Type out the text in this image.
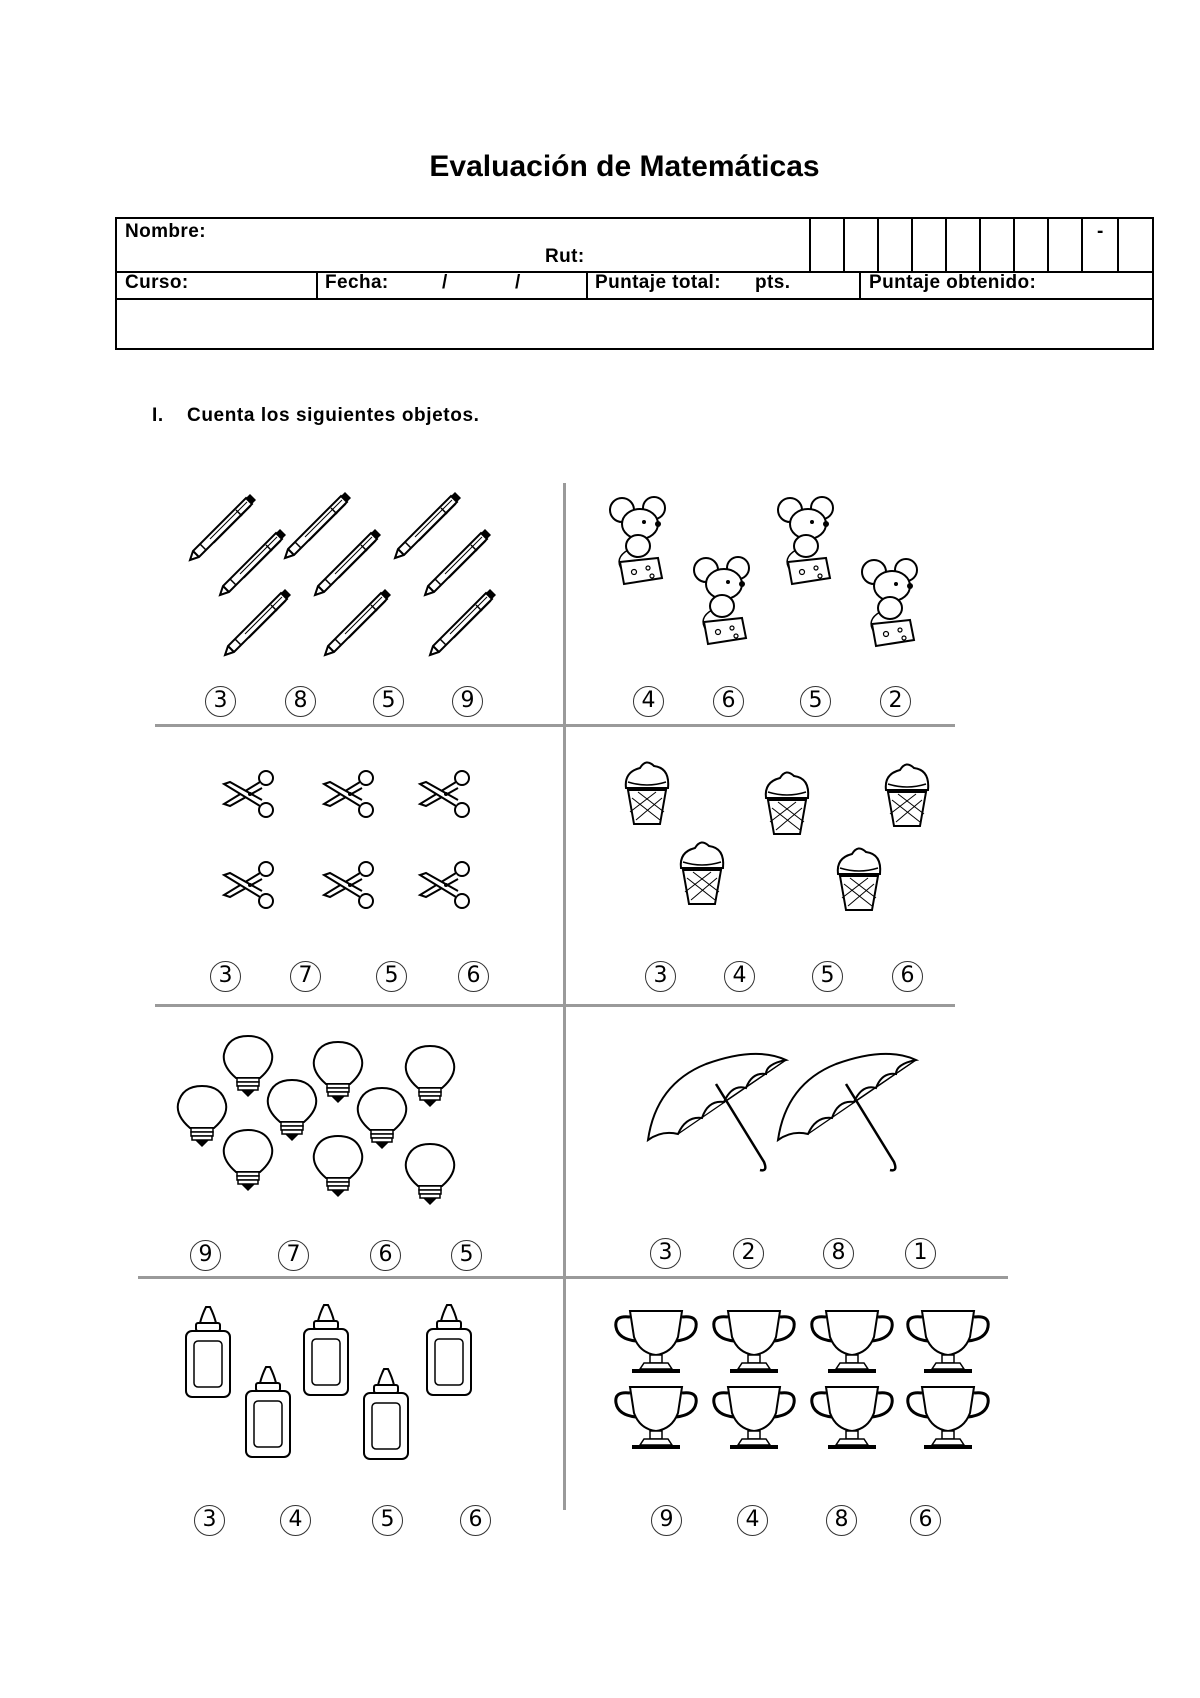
Evaluación de Matemáticas
Nombre:
Rut:
-
Curso:	Fecha:	/	/	Puntaje total: pts.	Puntaje obtenido:
I. Cuenta los siguientes objetos.
3	8	5	9	4	6	5	2
3	7	5	6	3	4	5	6
9	7	6	5	3	2	8	1
3	4	5	6	9	4	8	6
